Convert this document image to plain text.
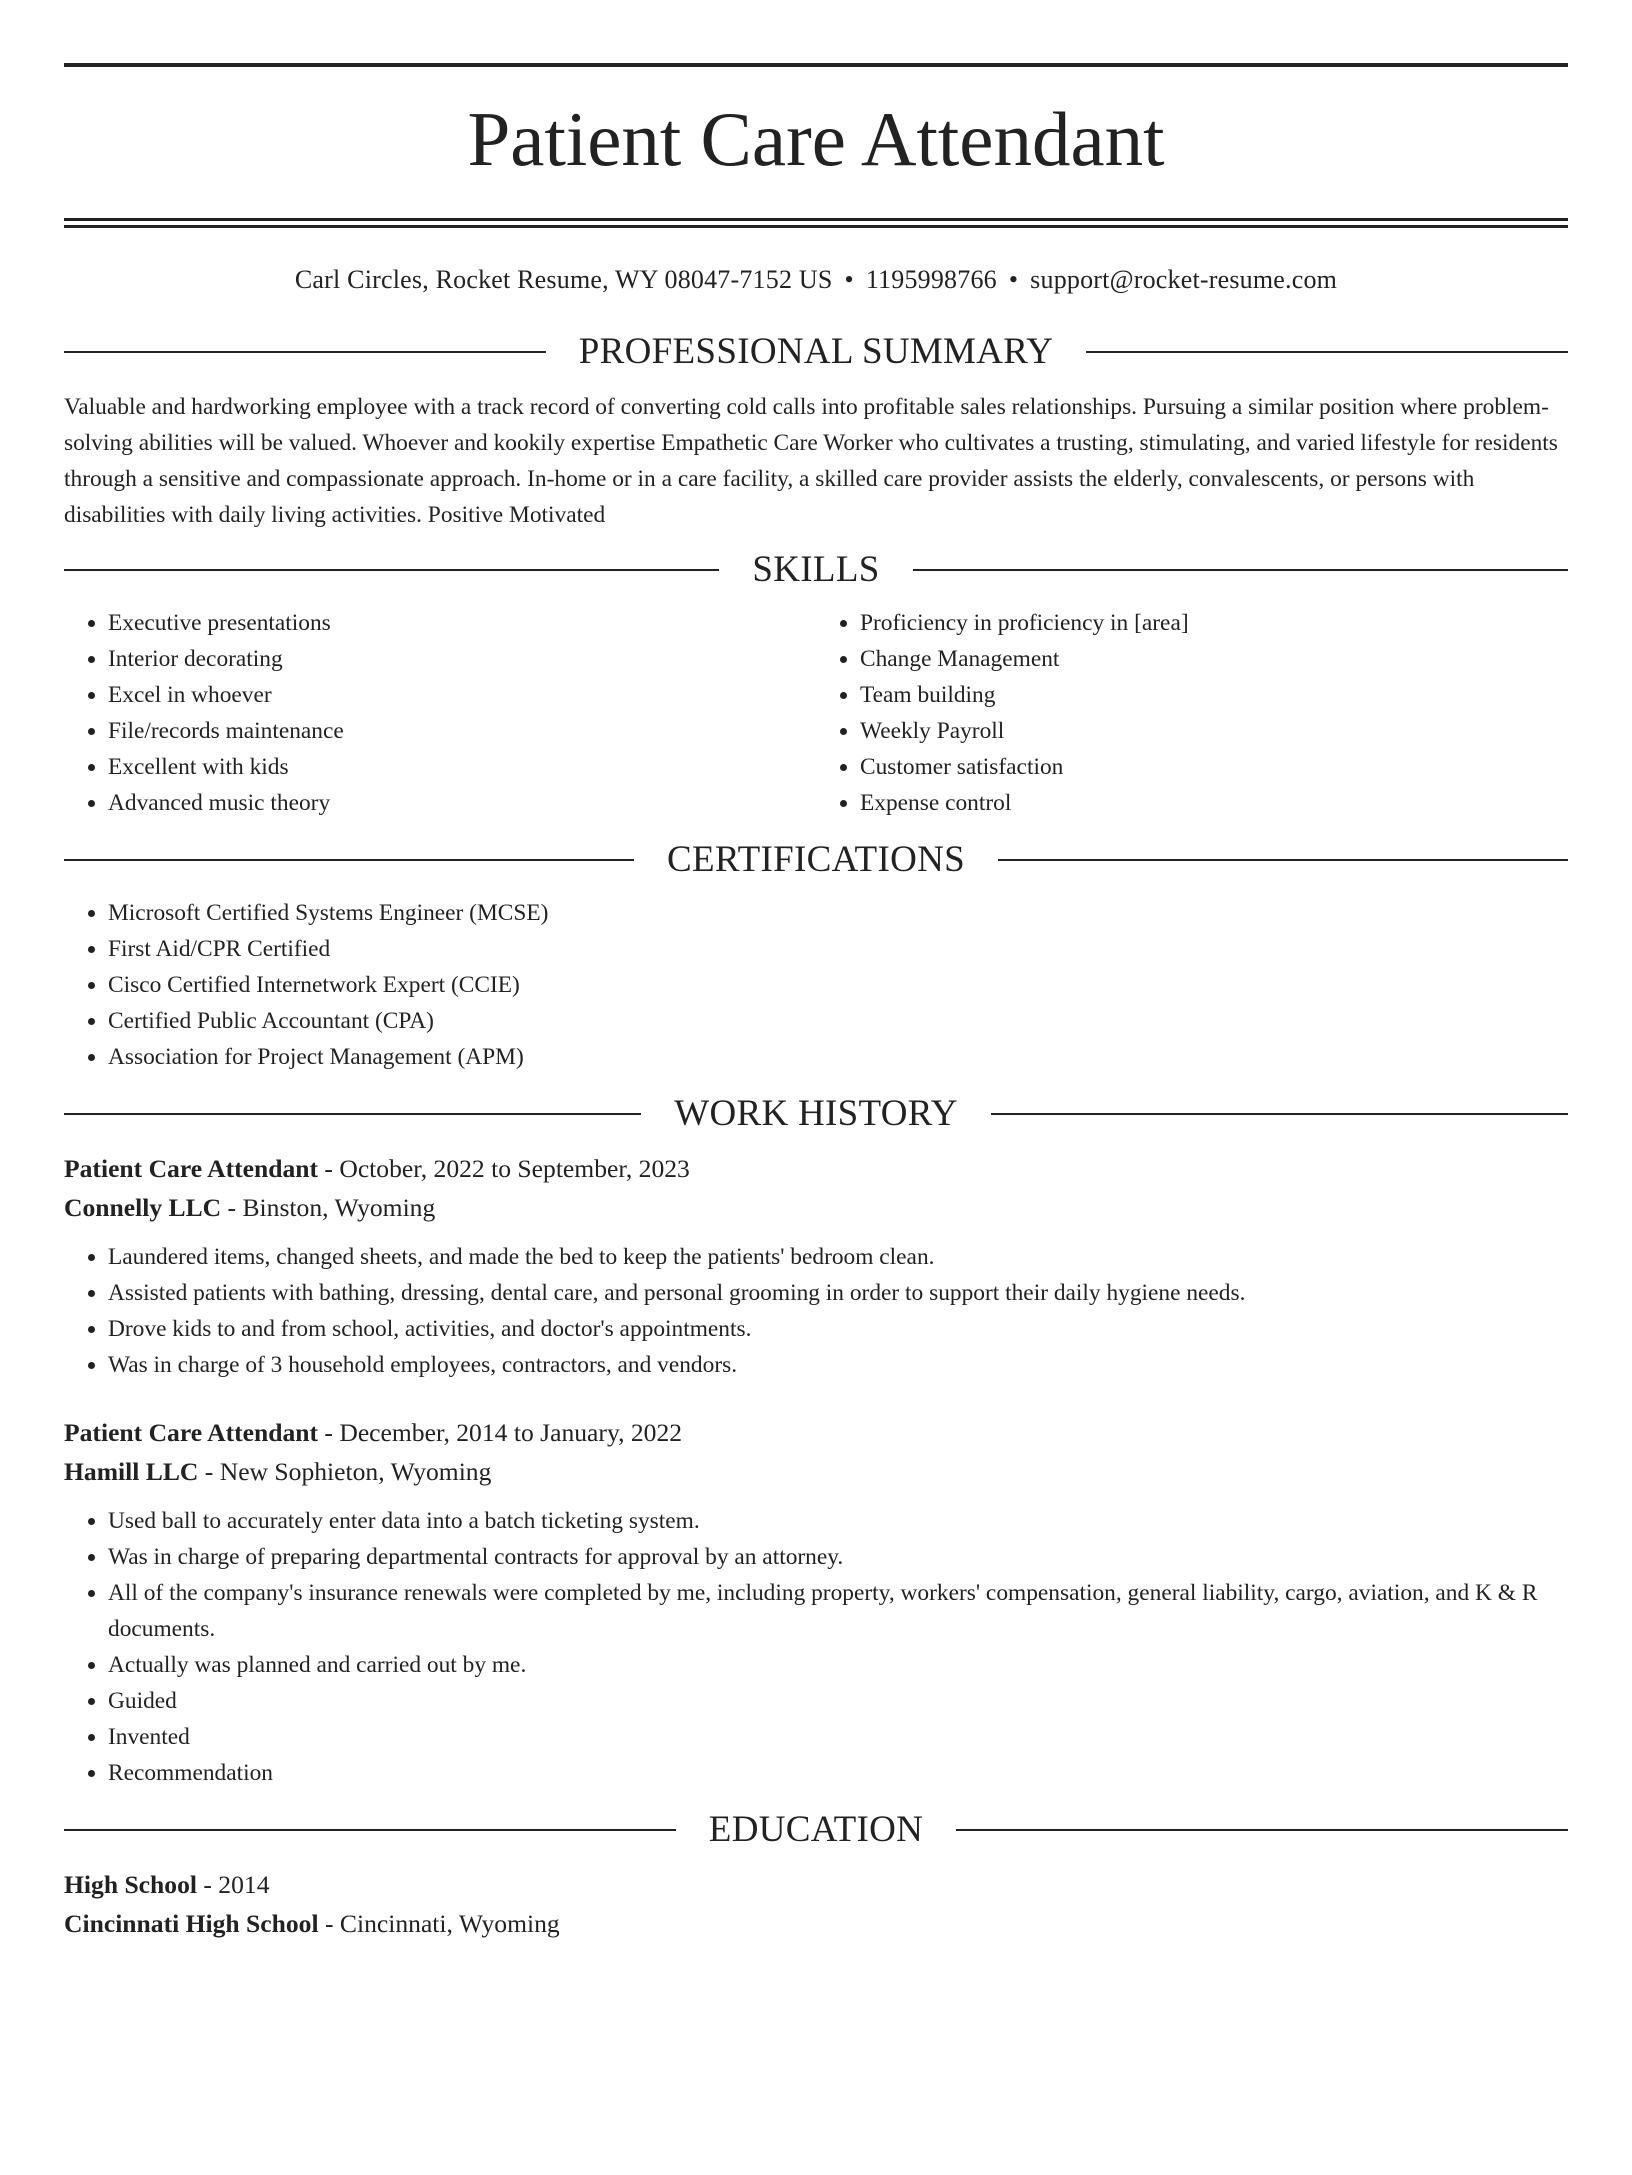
Patient Care Attendant
Carl Circles, Rocket Resume, WY 08047-7152 US • 1195998766 • support@rocket-resume.com
PROFESSIONAL SUMMARY

Valuable and hardworking employee with a track record of converting cold calls into profitable sales relationships. Pursuing a similar position where problem-solving abilities will be valued. Whoever and kookily expertise Empathetic Care Worker who cultivates a trusting, stimulating, and varied lifestyle for residents through a sensitive and compassionate approach. In-home or in a care facility, a skilled care provider assists the elderly, convalescents, or persons with disabilities with daily living activities. Positive Motivated

SKILLS
• Executive presentations
• Interior decorating
• Excel in whoever
• File/records maintenance
• Excellent with kids
• Advanced music theory
• Proficiency in proficiency in [area]
• Change Management
• Team building
• Weekly Payroll
• Customer satisfaction
• Expense control
CERTIFICATIONS
• Microsoft Certified Systems Engineer (MCSE)
• First Aid/CPR Certified
• Cisco Certified Internetwork Expert (CCIE)
• Certified Public Accountant (CPA)
• Association for Project Management (APM)
WORK HISTORY
Patient Care Attendant - October, 2022 to September, 2023
Connelly LLC - Binston, Wyoming
• Laundered items, changed sheets, and made the bed to keep the patients' bedroom clean.
• Assisted patients with bathing, dressing, dental care, and personal grooming in order to support their daily hygiene needs.
• Drove kids to and from school, activities, and doctor's appointments.
• Was in charge of 3 household employees, contractors, and vendors.
Patient Care Attendant - December, 2014 to January, 2022
Hamill LLC - New Sophieton, Wyoming
• Used ball to accurately enter data into a batch ticketing system.
• Was in charge of preparing departmental contracts for approval by an attorney.
• All of the company's insurance renewals were completed by me, including property, workers' compensation, general liability, cargo, aviation, and K & R documents.
• Actually was planned and carried out by me.
• Guided
• Invented
• Recommendation
EDUCATION
High School - 2014
Cincinnati High School - Cincinnati, Wyoming
